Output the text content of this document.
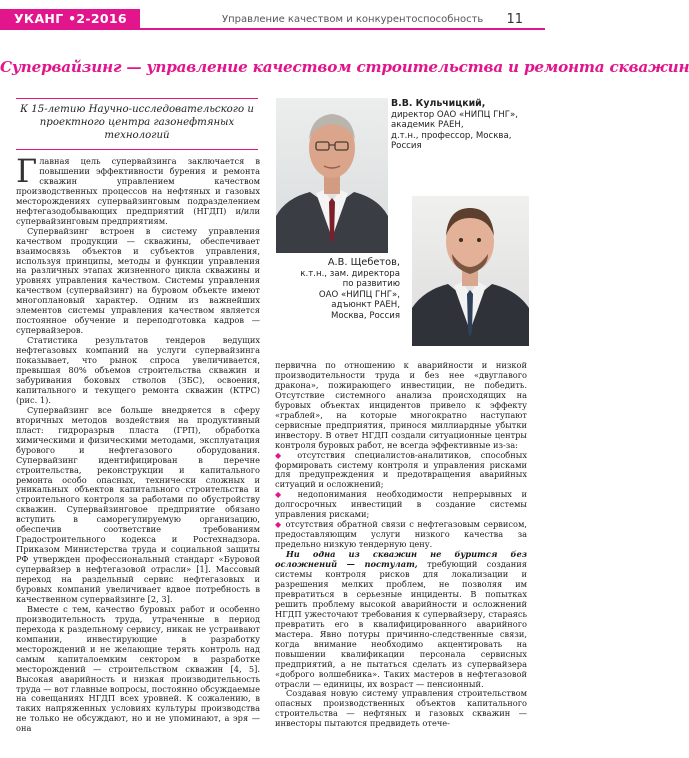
УКАНГ •2-2016	Управление качеством и конкурентоспособность 11
Супервайзинг — управление качеством строительства и ремонта скважин

К 15-летию Научно-исследовательского и проектного центра газонефтяных технологий

В.В. Кульчицкий,
директор ОАО «НИПЦ ГНГ», академик РАЕН,
д.т.н., профессор, Москва, Россия
А.В. Щебетов,
к.т.н., зам. директора по развитию
ОАО «НИПЦ ГНГ», адъюнкт РАЕН,
Москва, Россия

Главная цель супервайзинга заключается в повышении эффективности бурения и ремонта скважин управлением качеством производственных процессов на нефтяных и газовых месторождениях супервайзинговым подразделением нефтегазодобывающих предприятий (НГДП) и/или супервайзинговым предприятиям.

Супервайзинг встроен в систему управления качеством продукции — скважины, обеспечивает взаимосвязь объектов и субъектов управления, используя принципы, методы и функции управления на различных этапах жизненного цикла скважины и уровнях управления качеством. Системы управления качеством (супервайзинг) на буровом объекте имеют многоплановый характер. Одним из важнейших элементов системы управления качеством является постоянное обучение и переподготовка кадров — супервайзеров.

Статистика результатов тендеров ведущих нефтегазовых компаний на услуги супервайзинга показывает, что рынок спроса увеличивается, превышая 80% объемов строительства скважин и забуривания боковых стволов (ЗБС), освоения, капитального и текущего ремонта скважин (КТРС) (рис. 1).

Супервайзинг все больше внедряется в сферу вторичных методов воздействия на продуктивный пласт: гидроразрыв пласта (ГРП), обработка химическими и физическими методами, эксплуатация бурового и нефтегазового оборудования. Супервайзинг идентифицирован в перечне строительства, реконструкции и капитального ремонта особо опасных, технически сложных и уникальных объектов капитального строительства и строительного контроля за работами по обустройству скважин. Супервайзинговое предприятие обязано вступить в саморегулируемую организацию, обеспечив соответствие требованиям Градостроительного кодекса и Ростехнадзора. Приказом Министерства труда и социальной защиты РФ утвержден профессиональный стандарт «Буровой супервайзер в нефтегазовой отрасли» [1]. Массовый переход на раздельный сервис нефтегазовых и буровых компаний увеличивает вдвое потребность в качественном супервайзинге [2, 3].

Вместе с тем, качество буровых работ и особенно производительность труда, утраченные в период перехода к раздельному сервису, никак не устраивают компании, инвестирующие в разработку месторождений и не желающие терять контроль над самым капиталоемким сектором в разработке месторождений — строительством скважин [4, 5]. Высокая аварийность и низкая производительность труда — вот главные вопросы, постоянно обсуждаемые на совещаниях НГДП всех уровней. К сожалению, в таких напряженных условиях культуры производства не только не обсуждают, но и не упоминают, а эря — она

первична по отношению к аварийности и низкой производительности труда и без нее «двуглавого дракона», пожирающего инвестиции, не победить. Отсутствие системного анализа происходящих на буровых объектах инцидентов привело к эффекту «граблей», на которые многократно наступают сервисные предприятия, принося миллиардные убытки инвестору. В ответ НГДП создали ситуационные центры контроля буровых работ, не всегда эффективные из-за:

◆ отсутствия специалистов-аналитиков, способных формировать систему контроля и управления рисками для предупреждения и предотвращения аварийных ситуаций и осложнений;

◆ недопонимания необходимости непрерывных и долгосрочных инвестиций в создание системы управления рисками;

◆ отсутствия обратной связи с нефтегазовым сервисом, предоставляющим услуги низкого качества за предельно низкую тендерную цену.

Ни одна из скважин не бурится без осложнений — постулат, требующий создания системы контроля рисков для локализации и разрешения мелких проблем, не позволяя им превратиться в серьезные инциденты. В попытках решить проблему высокой аварийности и осложнений НГДП ужесточают требования к супервайзеру, стараясь превратить его в квалифицированного аварийного мастера. Явно потуры причинно-следственные связи, когда внимание необходимо акцентировать на повышении квалификации персонала сервисных предприятий, а не пытаться сделать из супервайзера «доброго волшебника». Таких мастеров в нефтегазовой отрасли — единицы, их возраст — пенсионный.

Создавая новую систему управления строительством опасных производственных объектов капитального строительства — нефтяных и газовых скважин — инвесторы пытаются предвидеть отече-
